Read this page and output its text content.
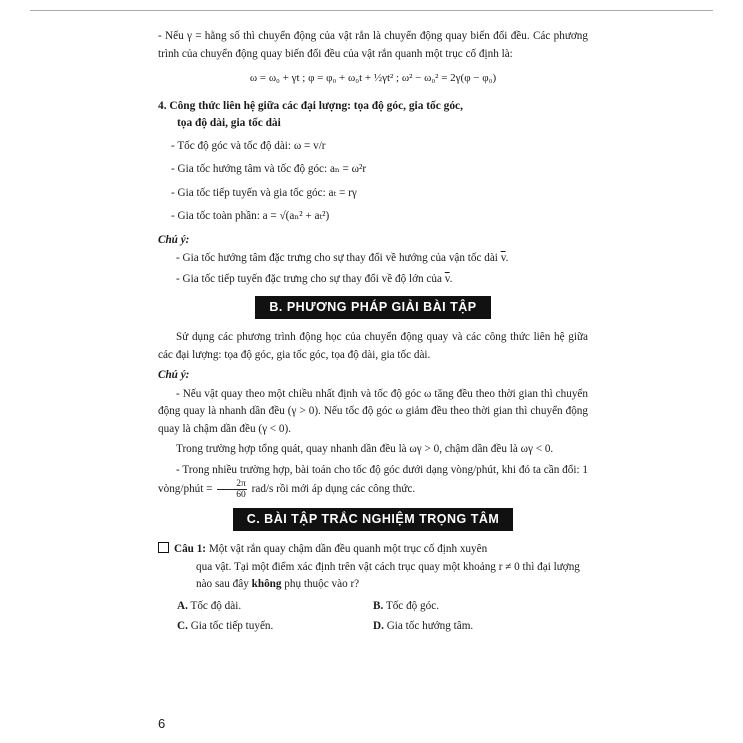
- Nếu γ = hằng số thì chuyển động của vật rắn là chuyển động quay biến đổi đều. Các phương trình của chuyển động quay biến đổi đều của vật rắn quanh một trục cố định là:

ω = ω₀ + γt ; φ = φ₀ + ω₀t + ½γt² ; ω² − ω₀² = 2γ(φ − φ₀)
4. Công thức liên hệ giữa các đại lượng: tọa độ góc, gia tốc góc,
tọa độ dài, gia tốc dài
- Tốc độ góc và tốc độ dài: ω = v/r
- Gia tốc hướng tâm và tốc độ góc: aₙ = ω²r
- Gia tốc tiếp tuyến và gia tốc góc: aₜ = rγ
- Gia tốc toàn phần: a = √(aₙ² + aₜ²)
Chú ý:

- Gia tốc hướng tâm đặc trưng cho sự thay đổi về hướng của vận tốc dài $\overline{v}$.

- Gia tốc tiếp tuyến đặc trưng cho sự thay đổi về độ lớn của $\overline{v}$.

B. PHƯƠNG PHÁP GIẢI BÀI TẬP

Sử dụng các phương trình động học của chuyển động quay và các công thức liên hệ giữa các đại lượng: tọa độ góc, gia tốc góc, tọa độ dài, gia tốc dài.

Chú ý:

- Nếu vật quay theo một chiều nhất định và tốc độ góc ω tăng đều theo thời gian thì chuyển động quay là nhanh dần đều (γ > 0). Nếu tốc độ góc ω giảm đều theo thời gian thì chuyển động quay là chậm dần đều (γ < 0).

Trong trường hợp tổng quát, quay nhanh dần đều là ωγ > 0, chậm dần đều là ωγ < 0.

- Trong nhiều trường hợp, bài toán cho tốc độ góc dưới dạng vòng/phút, khi đó ta cần đổi: 1 vòng/phút = $\frac{2\pi}{60} rad/s$ rồi mới áp dụng các công thức.

C. BÀI TẬP TRẮC NGHIỆM TRỌNG TÂM
Câu 1: Một vật rắn quay chậm dần đều quanh một trục cố định xuyên
qua vật. Tại một điểm xác định trên vật cách trục quay một khoảng r ≠ 0 thì đại lượng nào sau đây không phụ thuộc vào r?
A. Tốc độ dài.	B. Tốc độ góc.
C. Gia tốc tiếp tuyến.	D. Gia tốc hướng tâm.
6
